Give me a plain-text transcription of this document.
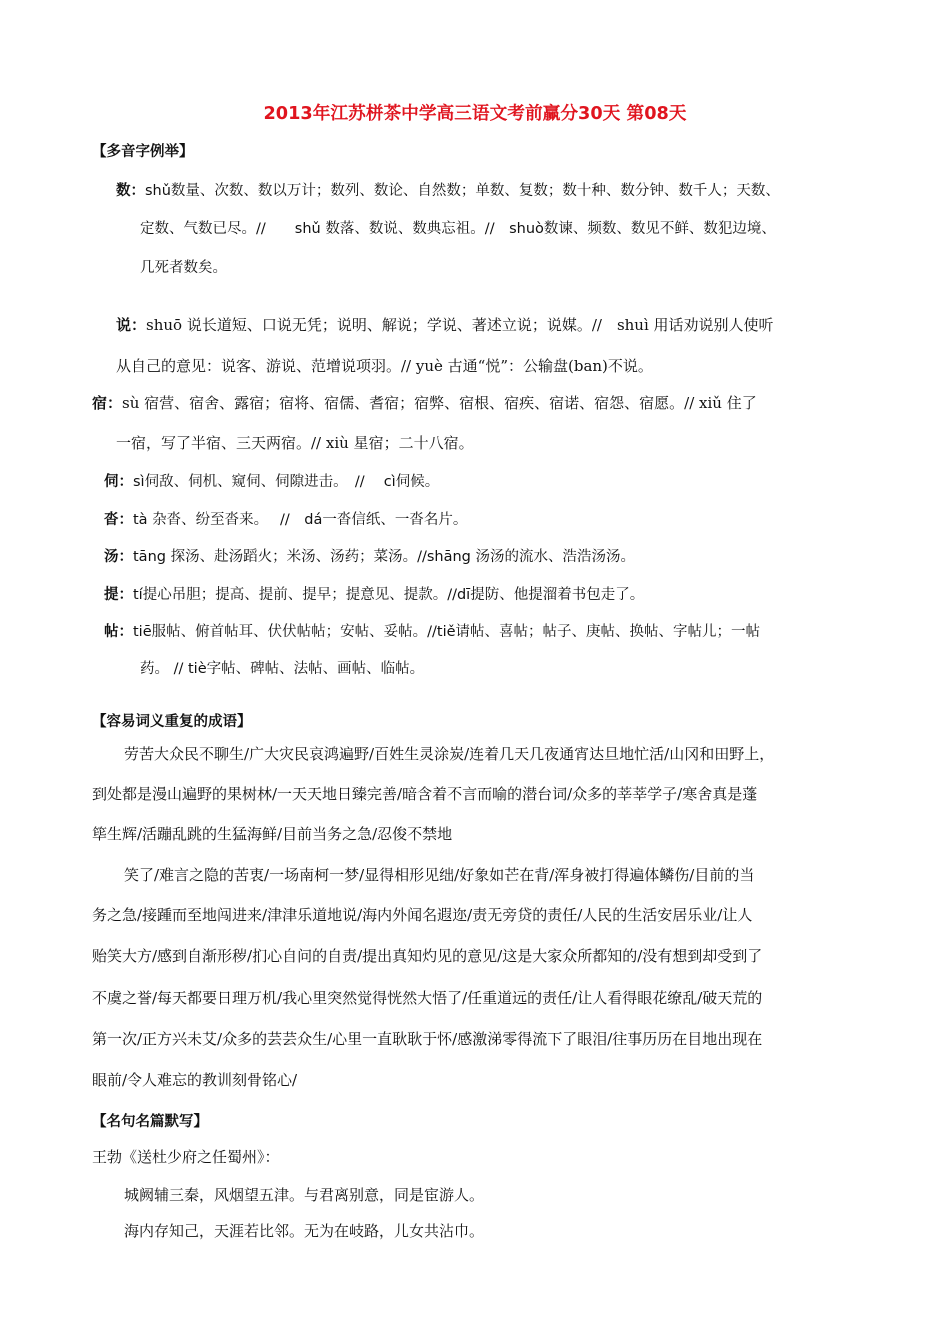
2013年江苏栟茶中学高三语文考前赢分30天 第08天
【多音字例举】
数：shǔ数量、次数、数以万计；数列、数论、自然数；单数、复数；数十种、数分钟、数千人；天数、
定数、气数已尽。//　　shǔ 数落、数说、数典忘祖。//　shuò数谏、频数、数见不鲜、数犯边境、
几死者数矣。
说：shuō 说长道短、口说无凭；说明、解说；学说、著述立说；说媒。//　shuì 用话劝说别人使听
从自己的意见：说客、游说、范增说项羽。// yuè 古通“悦”：公输盘(ban)不说。
宿：sù 宿营、宿舍、露宿；宿将、宿儒、耆宿；宿弊、宿根、宿疾、宿诺、宿怨、宿愿。// xiǔ 住了
一宿，写了半宿、三天两宿。// xiù 星宿；二十八宿。
伺：sì伺敌、伺机、窥伺、伺隙进击。　//　 cì伺候。
沓：tà 杂沓、纷至沓来。　 //　dá一沓信纸、一沓名片。
汤：tāng 探汤、赴汤蹈火；米汤、汤药；菜汤。//shāng 汤汤的流水、浩浩汤汤。
提：tí提心吊胆；提高、提前、提早；提意见、提款。//dī提防、他提溜着书包走了。
帖：tiē服帖、俯首帖耳、伏伏帖帖；安帖、妥帖。//tiě请帖、喜帖；帖子、庚帖、换帖、字帖儿；一帖
药。 // tiè字帖、碑帖、法帖、画帖、临帖。
【容易词义重复的成语】
劳苦大众民不聊生/广大灾民哀鸿遍野/百姓生灵涂炭/连着几天几夜通宵达旦地忙活/山冈和田野上，
到处都是漫山遍野的果树林/一天天地日臻完善/暗含着不言而喻的潜台词/众多的莘莘学子/寒舍真是蓬
筚生辉/活蹦乱跳的生猛海鲜/目前当务之急/忍俊不禁地
笑了/难言之隐的苦衷/一场南柯一梦/显得相形见绌/好象如芒在背/浑身被打得遍体鳞伤/目前的当
务之急/接踵而至地闯进来/津津乐道地说/海内外闻名遐迩/责无旁贷的责任/人民的生活安居乐业/让人
贻笑大方/感到自渐形秽/扪心自问的自责/提出真知灼见的意见/这是大家众所都知的/没有想到却受到了
不虞之誉/每天都要日理万机/我心里突然觉得恍然大悟了/任重道远的责任/让人看得眼花缭乱/破天荒的
第一次/正方兴未艾/众多的芸芸众生/心里一直耿耿于怀/感激涕零得流下了眼泪/往事历历在目地出现在
眼前/令人难忘的教训刻骨铭心/
【名句名篇默写】
王勃《送杜少府之任蜀州》：
城阙辅三秦，风烟望五津。与君离别意，同是宦游人。
海内存知己，天涯若比邻。无为在岐路，儿女共沾巾。
